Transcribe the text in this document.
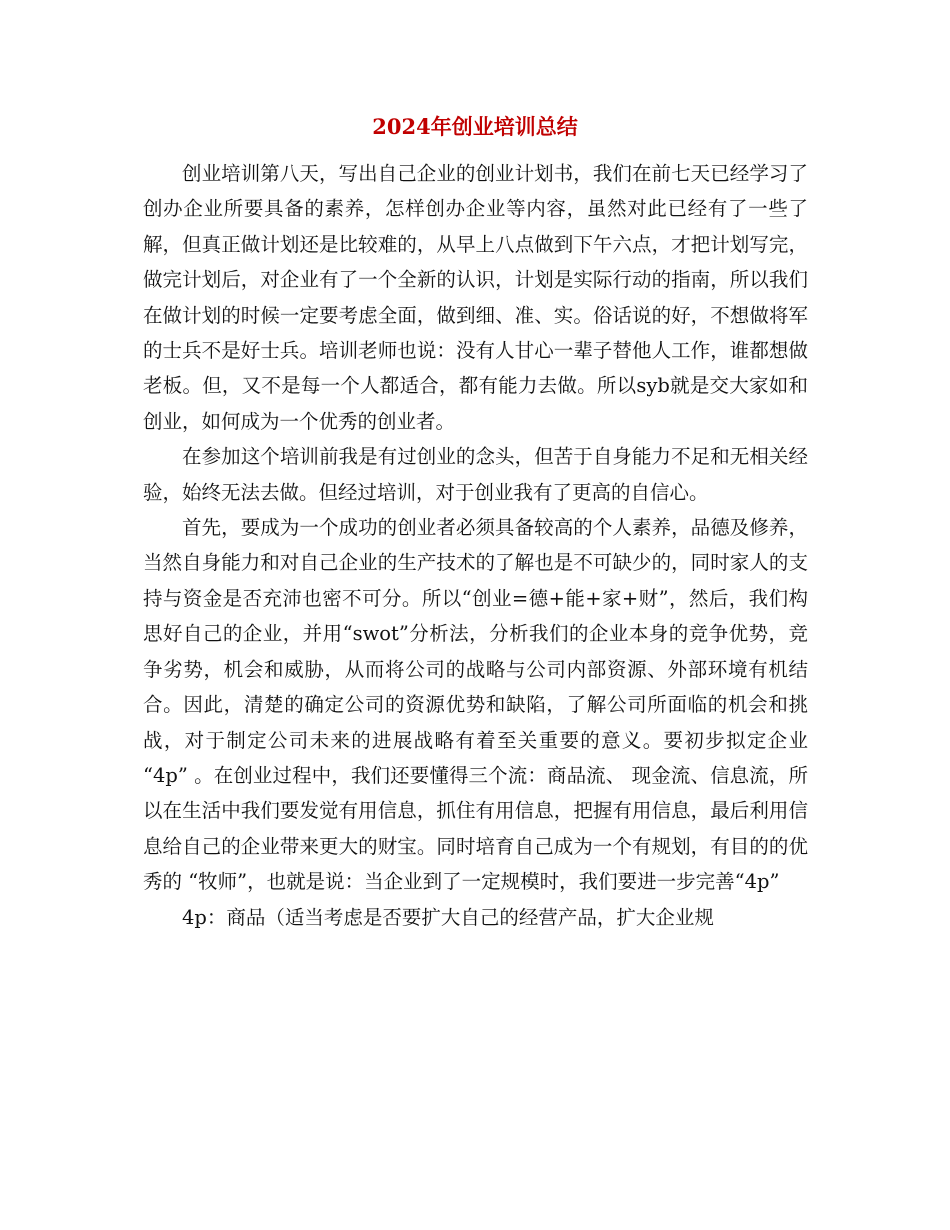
2024年创业培训总结

创业培训第八天，写出自己企业的创业计划书，我们在前七天已经学习了创办企业所要具备的素养，怎样创办企业等内容，虽然对此已经有了一些了解，但真正做计划还是比较难的，从早上八点做到下午六点，才把计划写完，做完计划后，对企业有了一个全新的认识，计划是实际行动的指南，所以我们在做计划的时候一定要考虑全面，做到细、准、实。俗话说的好，不想做将军的士兵不是好士兵。培训老师也说：没有人甘心一辈子替他人工作，谁都想做老板。但，又不是每一个人都适合，都有能力去做。所以syb就是交大家如和创业，如何成为一个优秀的创业者。

在参加这个培训前我是有过创业的念头，但苦于自身能力不足和无相关经验，始终无法去做。但经过培训，对于创业我有了更高的自信心。

首先，要成为一个成功的创业者必须具备较高的个人素养，品德及修养，当然自身能力和对自己企业的生产技术的了解也是不可缺少的，同时家人的支持与资金是否充沛也密不可分。所以“创业=德+能+家+财”，然后，我们构思好自己的企业，并用“swot”分析法，分析我们的企业本身的竞争优势，竞争劣势，机会和威胁，从而将公司的战略与公司内部资源、外部环境有机结合。因此，清楚的确定公司的资源优势和缺陷，了解公司所面临的机会和挑战，对于制定公司未来的进展战略有着至关重要的意义。要初步拟定企业 “4p” 。在创业过程中，我们还要懂得三个流：商品流、 现金流、信息流，所以在生活中我们要发觉有用信息，抓住有用信息，把握有用信息，最后利用信息给自己的企业带来更大的财宝。同时培育自己成为一个有规划，有目的的优秀的 “牧师”，也就是说：当企业到了一定规模时，我们要进一步完善“4p”

4p：商品（适当考虑是否要扩大自己的经营产品，扩大企业规
